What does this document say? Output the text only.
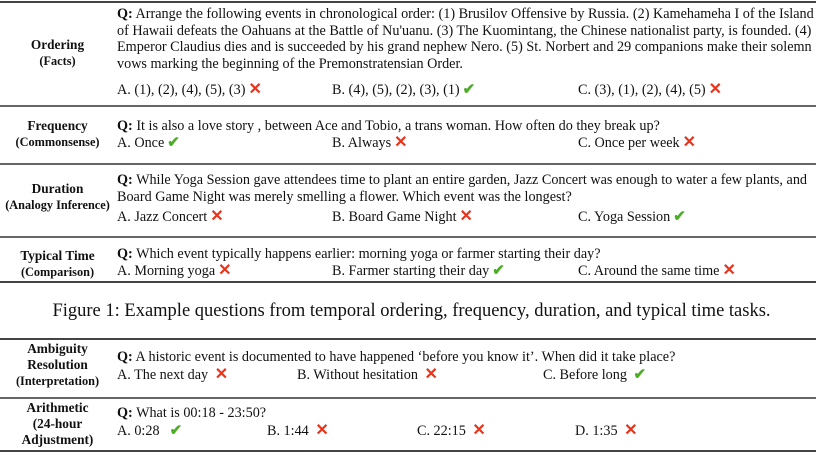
Ordering
(Facts)
Q: Arrange the following events in chronological order: (1) Brusilov Offensive by Russia. (2) Kamehameha I of the Island of Hawaii defeats the Oahuans at the Battle of Nu'uanu. (3) The Kuomintang, the Chinese nationalist party, is founded. (4) Emperor Claudius dies and is succeeded by his grand nephew Nero. (5) St. Norbert and 29 companions make their solemn vows marking the beginning of the Premonstratensian Order.
A. (1), (2), (4), (5), (3) ✕	B. (4), (5), (2), (3), (1) ✔	C. (3), (1), (2), (4), (5) ✕
Frequency
(Commonsense)
Q: It is also a love story , between Ace and Tobio, a trans woman. How often do they break up?
A. Once ✔	B. Always ✕	C. Once per week ✕
Duration
(Analogy Inference)
Q: While Yoga Session gave attendees time to plant an entire garden, Jazz Concert was enough to water a few plants, and Board Game Night was merely smelling a flower. Which event was the longest?
A. Jazz Concert ✕	B. Board Game Night ✕	C. Yoga Session ✔
Typical Time
(Comparison)
Q: Which event typically happens earlier: morning yoga or farmer starting their day?
A. Morning yoga ✕	B. Farmer starting their day ✔	C. Around the same time ✕
Figure 1: Example questions from temporal ordering, frequency, duration, and typical time tasks.
Ambiguity
Resolution
(Interpretation)
Q: A historic event is documented to have happened ‘before you know it’. When did it take place?
A. The next day ✕	B. Without hesitation ✕	C. Before long ✔
Arithmetic
(24-hour
Adjustment)
Q: What is 00:18 - 23:50?
A. 0:28 ✔	B. 1:44 ✕	C. 22:15 ✕	D. 1:35 ✕
